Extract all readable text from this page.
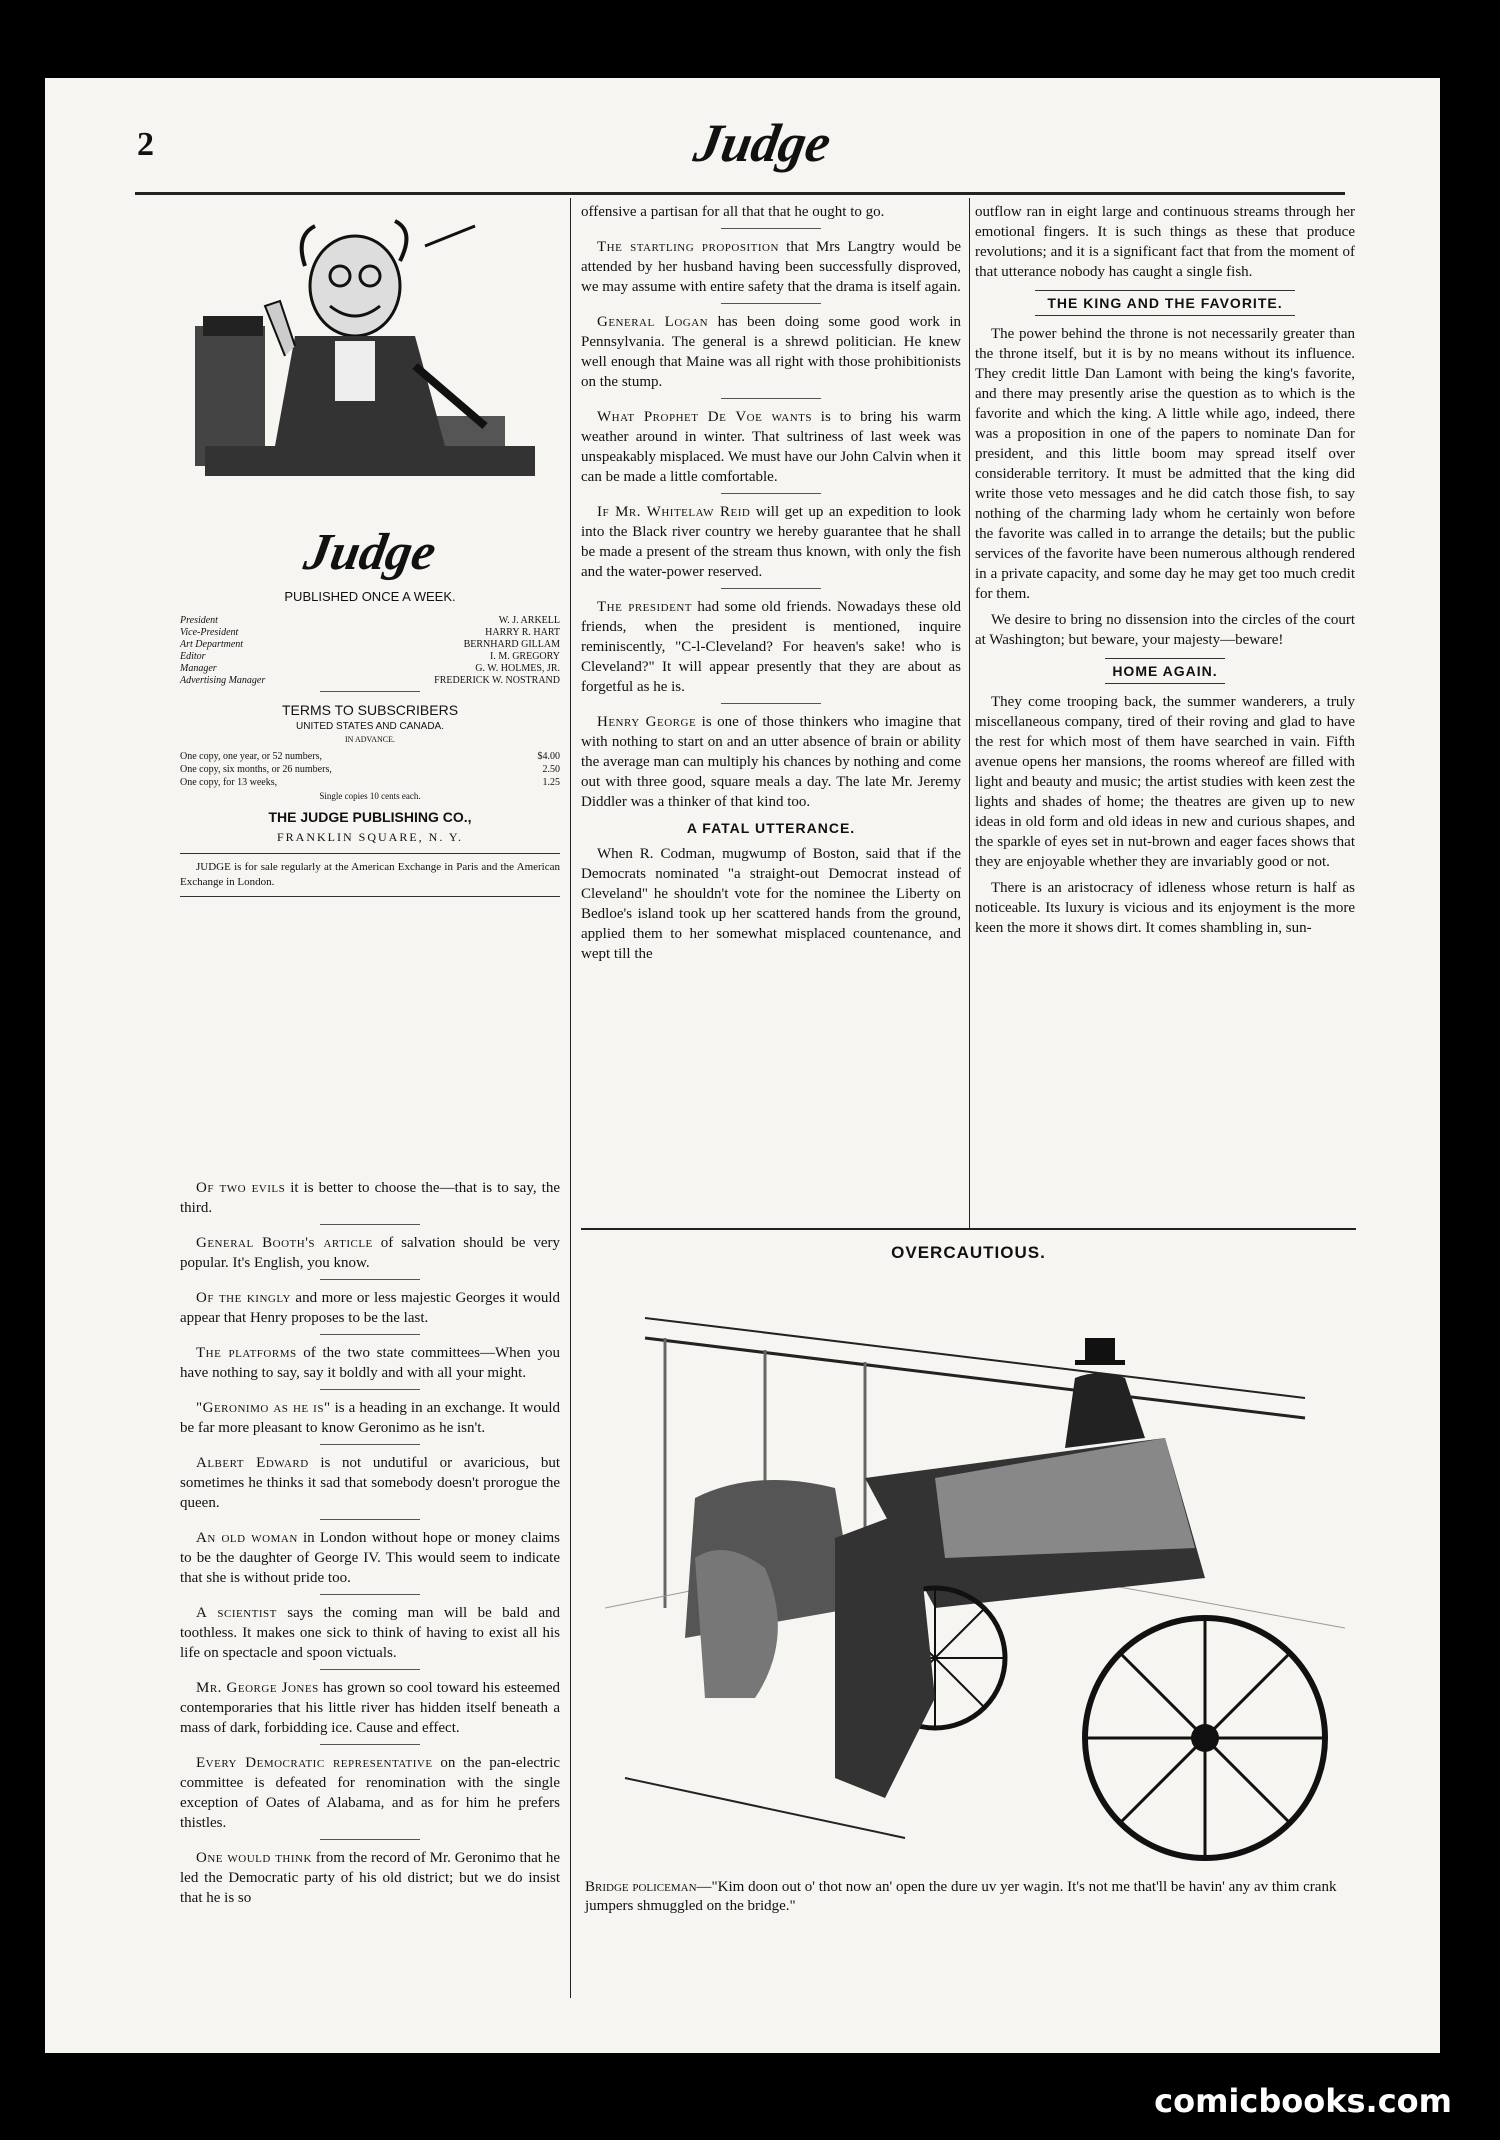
2	Judge
Judge
PUBLISHED ONCE A WEEK.
President	W. J. ARKELL
Vice-President	HARRY R. HART
Art Department	BERNHARD GILLAM
Editor	I. M. GREGORY
Manager	G. W. HOLMES, JR.
Advertising Manager	FREDERICK W. NOSTRAND
TERMS TO SUBSCRIBERS
UNITED STATES AND CANADA.
IN ADVANCE.
One copy, one year, or 52 numbers,	$4.00
One copy, six months, or 26 numbers,	2.50
One copy, for 13 weeks,	1.25
Single copies 10 cents each.
THE JUDGE PUBLISHING CO.,
FRANKLIN SQUARE, N. Y.
JUDGE is for sale regularly at the American Exchange in Paris and the American Exchange in London.

Of two evils it is better to choose the—that is to say, the third.

General Booth's article of salvation should be very popular. It's English, you know.

Of the kingly and more or less majestic Georges it would appear that Henry proposes to be the last.

The platforms of the two state committees—When you have nothing to say, say it boldly and with all your might.

"Geronimo as he is" is a heading in an exchange. It would be far more pleasant to know Geronimo as he isn't.

Albert Edward is not undutiful or avaricious, but sometimes he thinks it sad that somebody doesn't prorogue the queen.

An old woman in London without hope or money claims to be the daughter of George IV. This would seem to indicate that she is without pride too.

A scientist says the coming man will be bald and toothless. It makes one sick to think of having to exist all his life on spectacle and spoon victuals.

Mr. George Jones has grown so cool toward his esteemed contemporaries that his little river has hidden itself beneath a mass of dark, forbidding ice. Cause and effect.

Every Democratic representative on the pan-electric committee is defeated for renomination with the single exception of Oates of Alabama, and as for him he prefers thistles.

One would think from the record of Mr. Geronimo that he led the Democratic party of his old district; but we do insist that he is so

offensive a partisan for all that that he ought to go.

The startling proposition that Mrs Langtry would be attended by her husband having been successfully disproved, we may assume with entire safety that the drama is itself again.

General Logan has been doing some good work in Pennsylvania. The general is a shrewd politician. He knew well enough that Maine was all right with those prohibitionists on the stump.

What Prophet De Voe wants is to bring his warm weather around in winter. That sultriness of last week was unspeakably misplaced. We must have our John Calvin when it can be made a little comfortable.

If Mr. Whitelaw Reid will get up an expedition to look into the Black river country we hereby guarantee that he shall be made a present of the stream thus known, with only the fish and the water-power reserved.

The president had some old friends. Nowadays these old friends, when the president is mentioned, inquire reminiscently, "C-l-Cleveland? For heaven's sake! who is Cleveland?" It will appear presently that they are about as forgetful as he is.

Henry George is one of those thinkers who imagine that with nothing to start on and an utter absence of brain or ability the average man can multiply his chances by nothing and come out with three good, square meals a day. The late Mr. Jeremy Diddler was a thinker of that kind too.

A FATAL UTTERANCE.

When R. Codman, mugwump of Boston, said that if the Democrats nominated "a straight-out Democrat instead of Cleveland" he shouldn't vote for the nominee the Liberty on Bedloe's island took up her scattered hands from the ground, applied them to her somewhat misplaced countenance, and wept till the

outflow ran in eight large and continuous streams through her emotional fingers. It is such things as these that produce revolutions; and it is a significant fact that from the moment of that utterance nobody has caught a single fish.

THE KING AND THE FAVORITE.

The power behind the throne is not necessarily greater than the throne itself, but it is by no means without its influence. They credit little Dan Lamont with being the king's favorite, and there may presently arise the question as to which is the favorite and which the king. A little while ago, indeed, there was a proposition in one of the papers to nominate Dan for president, and this little boom may spread itself over considerable territory. It must be admitted that the king did write those veto messages and he did catch those fish, to say nothing of the charming lady whom he certainly won before the favorite was called in to arrange the details; but the public services of the favorite have been numerous although rendered in a private capacity, and some day he may get too much credit for them.

We desire to bring no dissension into the circles of the court at Washington; but beware, your majesty—beware!

HOME AGAIN.

They come trooping back, the summer wanderers, a truly miscellaneous company, tired of their roving and glad to have the rest for which most of them have searched in vain. Fifth avenue opens her mansions, the rooms whereof are filled with light and beauty and music; the artist studies with keen zest the lights and shades of home; the theatres are given up to new ideas in old form and old ideas in new and curious shapes, and the sparkle of eyes set in nut-brown and eager faces shows that they are enjoyable whether they are invariably good or not.

There is an aristocracy of idleness whose return is half as noticeable. Its luxury is vicious and its enjoyment is the more keen the more it shows dirt. It comes shambling in, sun-

OVERCAUTIOUS.
Bridge policeman—"Kim doon out o' thot now an' open the dure uv yer wagin. It's not me that'll be havin' any av thim crank jumpers shmuggled on the bridge."
comicbooks.com
